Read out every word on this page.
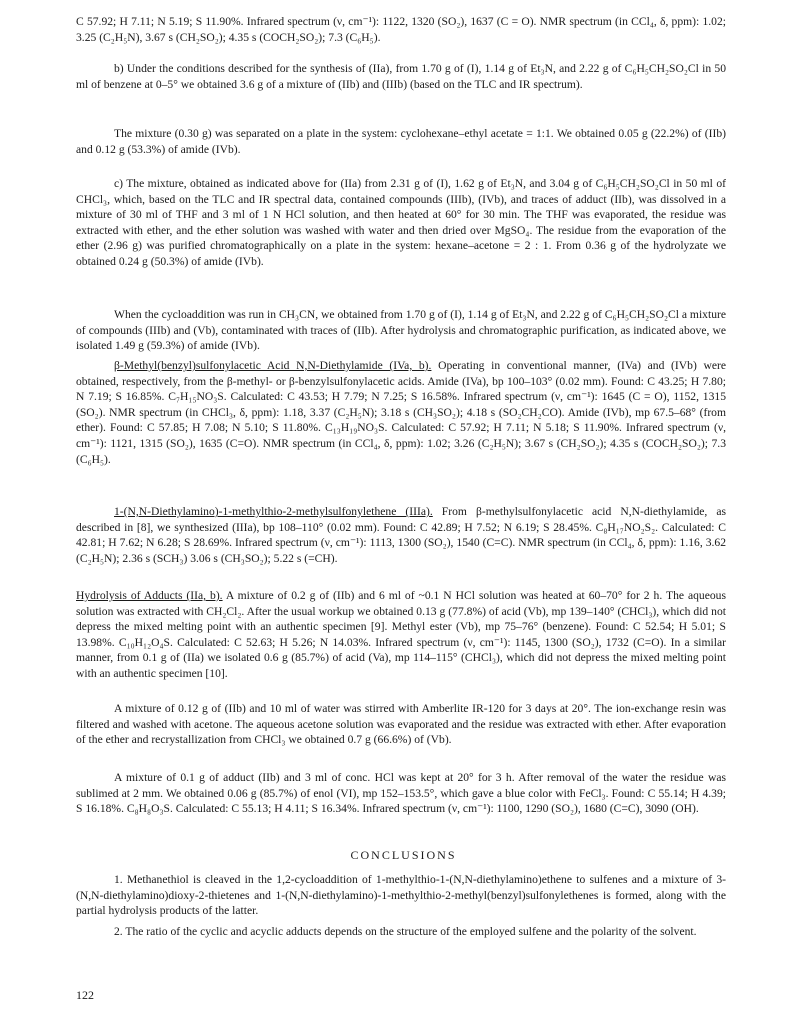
C 57.92; H 7.11; N 5.19; S 11.90%. Infrared spectrum (ν, cm⁻¹): 1122, 1320 (SO₂), 1637 (C = O). NMR spectrum (in CCl₄, δ, ppm): 1.02; 3.25 (C₂H₅N), 3.67 s (CH₂SO₂); 4.35 s (COCH₂SO₂); 7.3 (C₆H₅).

b) Under the conditions described for the synthesis of (IIa), from 1.70 g of (I), 1.14 g of Et₃N, and 2.22 g of C₆H₅CH₂SO₂Cl in 50 ml of benzene at 0–5° we obtained 3.6 g of a mixture of (IIb) and (IIIb) (based on the TLC and IR spectrum).

The mixture (0.30 g) was separated on a plate in the system: cyclohexane–ethyl acetate = 1:1. We obtained 0.05 g (22.2%) of (IIb) and 0.12 g (53.3%) of amide (IVb).

c) The mixture, obtained as indicated above for (IIa) from 2.31 g of (I), 1.62 g of Et₃N, and 3.04 g of C₆H₅CH₂SO₂Cl in 50 ml of CHCl₃, which, based on the TLC and IR spectral data, contained compounds (IIIb), (IVb), and traces of adduct (IIb), was dissolved in a mixture of 30 ml of THF and 3 ml of 1 N HCl solution, and then heated at 60° for 30 min. The THF was evaporated, the residue was extracted with ether, and the ether solution was washed with water and then dried over MgSO₄. The residue from the evaporation of the ether (2.96 g) was purified chromatographically on a plate in the system: hexane–acetone = 2 : 1. From 0.36 g of the hydrolyzate we obtained 0.24 g (50.3%) of amide (IVb).

When the cycloaddition was run in CH₃CN, we obtained from 1.70 g of (I), 1.14 g of Et₃N, and 2.22 g of C₆H₅CH₂SO₂Cl a mixture of compounds (IIIb) and (Vb), contaminated with traces of (IIb). After hydrolysis and chromatographic purification, as indicated above, we isolated 1.49 g (59.3%) of amide (IVb).

β-Methyl(benzyl)sulfonylacetic Acid N,N-Diethylamide (IVa, b). Operating in conventional manner, (IVa) and (IVb) were obtained, respectively, from the β-methyl- or β-benzylsulfonylacetic acids. Amide (IVa), bp 100–103° (0.02 mm). Found: C 43.25; H 7.80; N 7.19; S 16.85%. C₇H₁₅NO₃S. Calculated: C 43.53; H 7.79; N 7.25; S 16.58%. Infrared spectrum (ν, cm⁻¹): 1645 (C = O), 1152, 1315 (SO₂). NMR spectrum (in CHCl₃, δ, ppm): 1.18, 3.37 (C₂H₅N); 3.18 s (CH₃SO₂); 4.18 s (SO₂CH₂CO). Amide (IVb), mp 67.5–68° (from ether). Found: C 57.85; H 7.08; N 5.10; S 11.80%. C₁₃H₁₉NO₃S. Calculated: C 57.92; H 7.11; N 5.18; S 11.90%. Infrared spectrum (ν, cm⁻¹): 1121, 1315 (SO₂), 1635 (C=O). NMR spectrum (in CCl₄, δ, ppm): 1.02; 3.26 (C₂H₅N); 3.67 s (CH₂SO₂); 4.35 s (COCH₂SO₂); 7.3 (C₆H₅).

1-(N,N-Diethylamino)-1-methylthio-2-methylsulfonylethene (IIIa). From β-methylsulfonylacetic acid N,N-diethylamide, as described in [8], we synthesized (IIIa), bp 108–110° (0.02 mm). Found: C 42.89; H 7.52; N 6.19; S 28.45%. C₈H₁₇NO₂S₂. Calculated: C 42.81; H 7.62; N 6.28; S 28.69%. Infrared spectrum (ν, cm⁻¹): 1113, 1300 (SO₂), 1540 (C=C). NMR spectrum (in CCl₄, δ, ppm): 1.16, 3.62 (C₂H₅N); 2.36 s (SCH₃) 3.06 s (CH₃SO₂); 5.22 s (=CH).

Hydrolysis of Adducts (IIa, b). A mixture of 0.2 g of (IIb) and 6 ml of ~0.1 N HCl solution was heated at 60–70° for 2 h. The aqueous solution was extracted with CH₂Cl₂. After the usual workup we obtained 0.13 g (77.8%) of acid (Vb), mp 139–140° (CHCl₃), which did not depress the mixed melting point with an authentic specimen [9]. Methyl ester (Vb), mp 75–76° (benzene). Found: C 52.54; H 5.01; S 13.98%. C₁₀H₁₂O₄S. Calculated: C 52.63; H 5.26; N 14.03%. Infrared spectrum (ν, cm⁻¹): 1145, 1300 (SO₂), 1732 (C=O). In a similar manner, from 0.1 g of (IIa) we isolated 0.6 g (85.7%) of acid (Va), mp 114–115° (CHCl₃), which did not depress the mixed melting point with an authentic specimen [10].

A mixture of 0.12 g of (IIb) and 10 ml of water was stirred with Amberlite IR-120 for 3 days at 20°. The ion-exchange resin was filtered and washed with acetone. The aqueous acetone solution was evaporated and the residue was extracted with ether. After evaporation of the ether and recrystallization from CHCl₃ we obtained 0.7 g (66.6%) of (Vb).

A mixture of 0.1 g of adduct (IIb) and 3 ml of conc. HCl was kept at 20° for 3 h. After removal of the water the residue was sublimed at 2 mm. We obtained 0.06 g (85.7%) of enol (VI), mp 152–153.5°, which gave a blue color with FeCl₃. Found: C 55.14; H 4.39; S 16.18%. C₈H₈O₃S. Calculated: C 55.13; H 4.11; S 16.34%. Infrared spectrum (ν, cm⁻¹): 1100, 1290 (SO₂), 1680 (C=C), 3090 (OH).

CONCLUSIONS

1. Methanethiol is cleaved in the 1,2-cycloaddition of 1-methylthio-1-(N,N-diethylamino)ethene to sulfenes and a mixture of 3-(N,N-diethylamino)dioxy-2-thietenes and 1-(N,N-diethylamino)-1-methylthio-2-methyl(benzyl)sulfonylethenes is formed, along with the partial hydrolysis products of the latter.

2. The ratio of the cyclic and acyclic adducts depends on the structure of the employed sulfene and the polarity of the solvent.

122
